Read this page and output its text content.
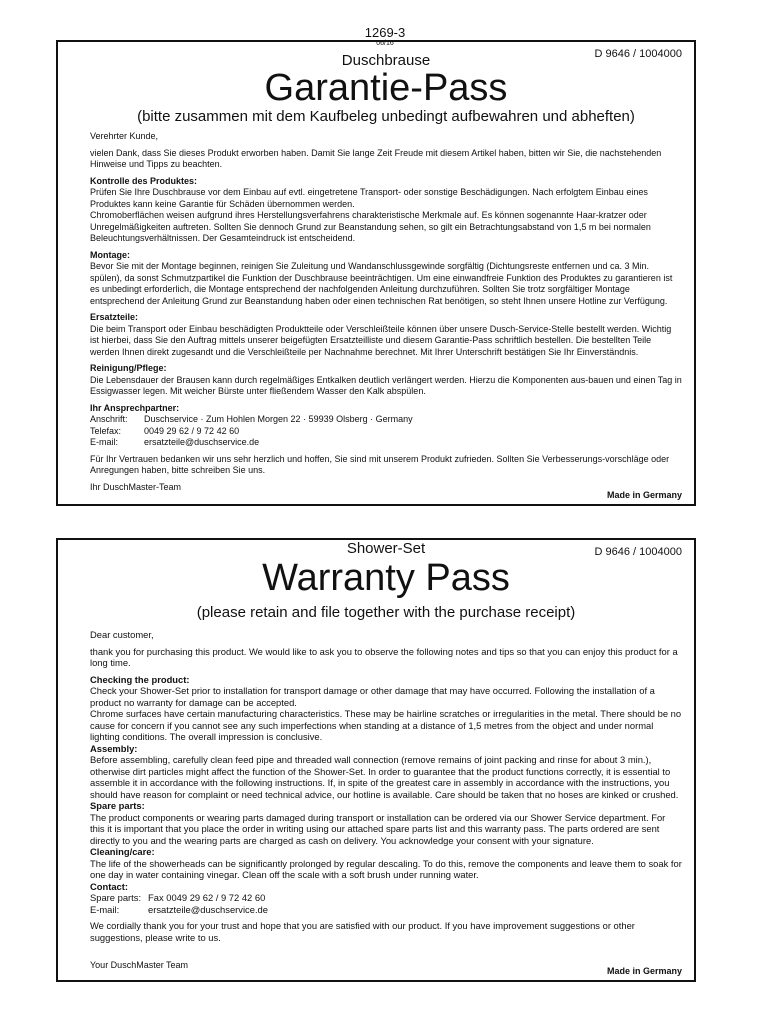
1269-3
06/16
D 9646 / 1004000
Duschbrause
Garantie-Pass
(bitte zusammen mit dem Kaufbeleg unbedingt aufbewahren und abheften)

Verehrter Kunde,

vielen Dank, dass Sie dieses Produkt erworben haben. Damit Sie lange Zeit Freude mit diesem Artikel haben, bitten wir Sie, die nachstehenden Hinweise und Tipps zu beachten.

Kontrolle des Produktes:

Prüfen Sie Ihre Duschbrause vor dem Einbau auf evtl. eingetretene Transport- oder sonstige Beschädigungen. Nach erfolgtem Einbau eines Produktes kann keine Garantie für Schäden übernommen werden.

Chromoberflächen weisen aufgrund ihres Herstellungsverfahrens charakteristische Merkmale auf. Es können sogenannte Haar-kratzer oder Unregelmäßigkeiten auftreten. Sollten Sie dennoch Grund zur Beanstandung sehen, so gilt ein Betrachtungsabstand von 1,5 m bei normalen Beleuchtungsverhältnissen. Der Gesamteindruck ist entscheidend.

Montage:

Bevor Sie mit der Montage beginnen, reinigen Sie Zuleitung und Wandanschlussgewinde sorgfältig (Dichtungsreste entfernen und ca. 3 Min. spülen), da sonst Schmutzpartikel die Funktion der Duschbrause beeinträchtigen. Um eine einwandfreie Funktion des Produktes zu garantieren ist es unbedingt erforderlich, die Montage entsprechend der nachfolgenden Anleitung durchzuführen. Sollten Sie trotz sorgfältiger Montage entsprechend der Anleitung Grund zur Beanstandung haben oder einen technischen Rat benötigen, so steht Ihnen unsere Hotline zur Verfügung.

Ersatzteile:

Die beim Transport oder Einbau beschädigten Produktteile oder Verschleißteile können über unsere Dusch-Service-Stelle bestellt werden. Wichtig ist hierbei, dass Sie den Auftrag mittels unserer beigefügten Ersatzteilliste und diesem Garantie-Pass schriftlich bestellen. Die bestellten Teile werden Ihnen direkt zugesandt und die Verschleißteile per Nachnahme berechnet. Mit Ihrer Unterschrift bestätigen Sie Ihr Einverständnis.

Reinigung/Pflege:

Die Lebensdauer der Brausen kann durch regelmäßiges Entkalken deutlich verlängert werden. Hierzu die Komponenten aus-bauen und einen Tag in Essigwasser legen. Mit weicher Bürste unter fließendem Wasser den Kalk abspülen.

Ihr Ansprechpartner:

Anschrift:	Duschservice · Zum Hohlen Morgen 22 · 59939 Olsberg · Germany
Telefax:	0049 29 62 / 9 72 42 60
E-mail:	ersatzteile@duschservice.de

Für Ihr Vertrauen bedanken wir uns sehr herzlich und hoffen, Sie sind mit unserem Produkt zufrieden. Sollten Sie Verbesserungs-vorschläge oder Anregungen haben, bitte schreiben Sie uns.

Ihr DuschMaster-Team
Made in Germany
D 9646 / 1004000
Shower-Set
Warranty Pass
(please retain and file together with the purchase receipt)

Dear customer,

thank you for purchasing this product. We would like to ask you to observe the following notes and tips so that you can enjoy this product for a long time.

Checking the product:

Check your Shower-Set prior to installation for transport damage or other damage that may have occurred. Following the installation of a product no warranty for damage can be accepted.

Chrome surfaces have certain manufacturing characteristics. These may be hairline scratches or irregularities in the metal. There should be no cause for concern if you cannot see any such imperfections when standing at a distance of 1,5 metres from the object and under normal lighting conditions. The overall impression is conclusive.

Assembly:

Before assembling, carefully clean feed pipe and threaded wall connection (remove remains of joint packing and rinse for about 3 min.), otherwise dirt particles might affect the function of the Shower-Set. In order to guarantee that the product functions correctly, it is essential to assemble it in accordance with the following instructions. If, in spite of the greatest care in assembly in accordance with the instructions, you should have reason for complaint or need technical advice, our hotline is available. Care should be taken that no hoses are kinked or crushed.

Spare parts:

The product components or wearing parts damaged during transport or installation can be ordered via our Shower Service department. For this it is important that you place the order in writing using our attached spare parts list and this warranty pass. The parts ordered are sent directly to you and the wearing parts are charged as cash on delivery. You acknowledge your consent with your signature.

Cleaning/care:

The life of the showerheads can be significantly prolonged by regular descaling. To do this, remove the components and leave them to soak for one day in water containing vinegar. Clean off the scale with a soft brush under running water.

Contact:

Spare parts: Fax 0049 29 62 / 9 72 42 60
E-mail:	ersatzteile@duschservice.de

We cordially thank you for your trust and hope that you are satisfied with our product. If you have improvement suggestions or other suggestions, please write to us.

Your DuschMaster Team
Made in Germany
